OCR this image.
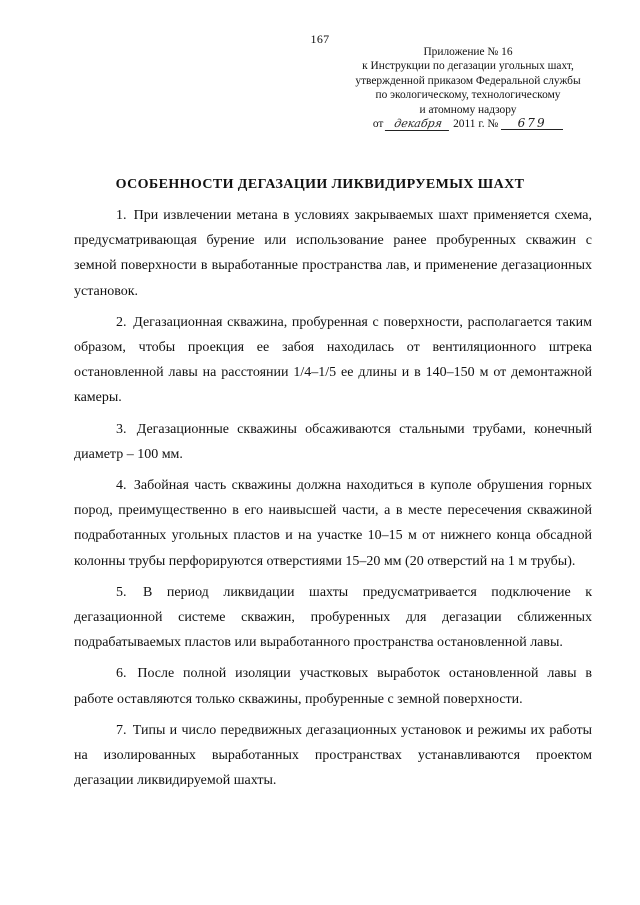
167
Приложение № 16
к Инструкции по дегазации угольных шахт,
утвержденной приказом Федеральной службы
по экологическому, технологическому
и атомному надзору
от декабря 2011 г. № 679
ОСОБЕННОСТИ ДЕГАЗАЦИИ ЛИКВИДИРУЕМЫХ ШАХТ

1. При извлечении метана в условиях закрываемых шахт применяется схема, предусматривающая бурение или использование ранее пробуренных скважин с земной поверхности в выработанные пространства лав, и применение дегазационных установок.

2. Дегазационная скважина, пробуренная с поверхности, располагается таким образом, чтобы проекция ее забоя находилась от вентиляционного штрека остановленной лавы на расстоянии 1/4–1/5 ее длины и в 140–150 м от демонтажной камеры.

3. Дегазационные скважины обсаживаются стальными трубами, конечный диаметр – 100 мм.

4. Забойная часть скважины должна находиться в куполе обрушения горных пород, преимущественно в его наивысшей части, а в месте пересечения скважиной подработанных угольных пластов и на участке 10–15 м от нижнего конца обсадной колонны трубы перфорируются отверстиями 15–20 мм (20 отверстий на 1 м трубы).

5. В период ликвидации шахты предусматривается подключение к дегазационной системе скважин, пробуренных для дегазации сближенных подрабатываемых пластов или выработанного пространства остановленной лавы.

6. После полной изоляции участковых выработок остановленной лавы в работе оставляются только скважины, пробуренные с земной поверхности.

7. Типы и число передвижных дегазационных установок и режимы их работы на изолированных выработанных пространствах устанавливаются проектом дегазации ликвидируемой шахты.
